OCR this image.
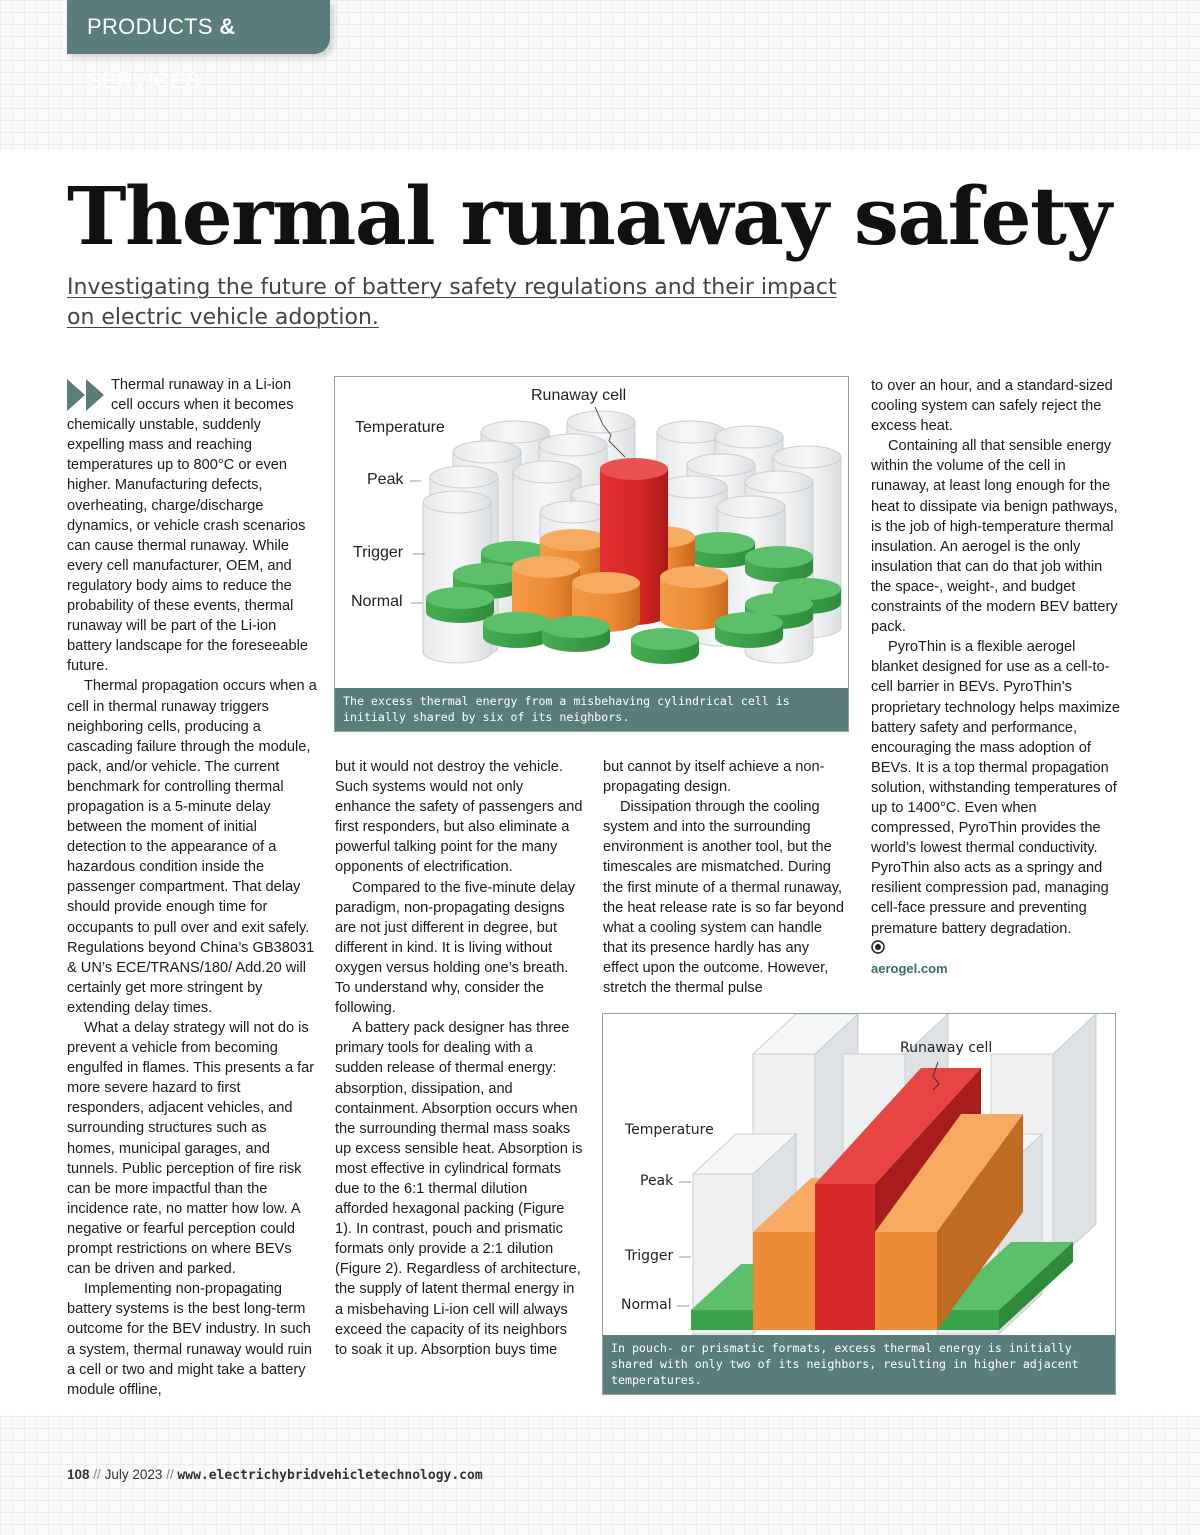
PRODUCTS & SERVICES
Thermal runaway safety

Investigating the future of battery safety regulations and their impact on electric vehicle adoption.

Thermal runaway in a Li-ion cell occurs when it becomes chemically unstable, suddenly expelling mass and reaching temperatures up to 800°C or even higher. Manufacturing defects, overheating, charge/discharge dynamics, or vehicle crash scenarios can cause thermal runaway. While every cell manufacturer, OEM, and regulatory body aims to reduce the probability of these events, thermal runaway will be part of the Li-ion battery landscape for the foreseeable future.

Thermal propagation occurs when a cell in thermal runaway triggers neighboring cells, producing a cascading failure through the module, pack, and/or vehicle. The current benchmark for controlling thermal propagation is a 5-minute delay between the moment of initial detection to the appearance of a hazardous condition inside the passenger compartment. That delay should provide enough time for occupants to pull over and exit safely. Regulations beyond China’s GB38031 & UN’s ECE/TRANS/180/ Add.20 will certainly get more stringent by extending delay times.

What a delay strategy will not do is prevent a vehicle from becoming engulfed in flames. This presents a far more severe hazard to first responders, adjacent vehicles, and surrounding structures such as homes, municipal garages, and tunnels. Public perception of fire risk can be more impactful than the incidence rate, no matter how low. A negative or fearful perception could prompt restrictions on where BEVs can be driven and parked.

Implementing non-propagating battery systems is the best long-term outcome for the BEV industry. In such a system, thermal runaway would ruin a cell or two and might take a battery module offline,

Runaway cell
Temperature
Peak
Trigger
Normal
The excess thermal energy from a misbehaving cylindrical cell is initially shared by six of its neighbors.

but it would not destroy the vehicle. Such systems would not only enhance the safety of passengers and first responders, but also eliminate a powerful talking point for the many opponents of electrification.

Compared to the five-minute delay paradigm, non-propagating designs are not just different in degree, but different in kind. It is living without oxygen versus holding one’s breath. To understand why, consider the following.

A battery pack designer has three primary tools for dealing with a sudden release of thermal energy: absorption, dissipation, and containment. Absorption occurs when the surrounding thermal mass soaks up excess sensible heat. Absorption is most effective in cylindrical formats due to the 6:1 thermal dilution afforded hexagonal packing (Figure 1). In contrast, pouch and prismatic formats only provide a 2:1 dilution (Figure 2). Regardless of architecture, the supply of latent thermal energy in a misbehaving Li-ion cell will always exceed the capacity of its neighbors to soak it up. Absorption buys time

but cannot by itself achieve a non-propagating design.

Dissipation through the cooling system and into the surrounding environment is another tool, but the timescales are mismatched. During the first minute of a thermal runaway, the heat release rate is so far beyond what a cooling system can handle that its presence hardly has any effect upon the outcome. However, stretch the thermal pulse

to over an hour, and a standard-sized cooling system can safely reject the excess heat.

Containing all that sensible energy within the volume of the cell in runaway, at least long enough for the heat to dissipate via benign pathways, is the job of high-temperature thermal insulation. An aerogel is the only insulation that can do that job within the space-, weight-, and budget constraints of the modern BEV battery pack.

PyroThin is a flexible aerogel blanket designed for use as a cell-to-cell barrier in BEVs. PyroThin’s proprietary technology helps maximize battery safety and performance, encouraging the mass adoption of BEVs. It is a top thermal propagation solution, withstanding temperatures of up to 1400°C. Even when compressed, PyroThin provides the world’s lowest thermal conductivity. PyroThin also acts as a springy and resilient compression pad, managing cell-face pressure and preventing premature battery degradation.

aerogel.com
Runaway cell
Temperature
Peak
Trigger
Normal
In pouch- or prismatic formats, excess thermal energy is initially shared with only two of its neighbors, resulting in higher adjacent temperatures.
108 // July 2023 // www.electrichybridvehicletechnology.com
